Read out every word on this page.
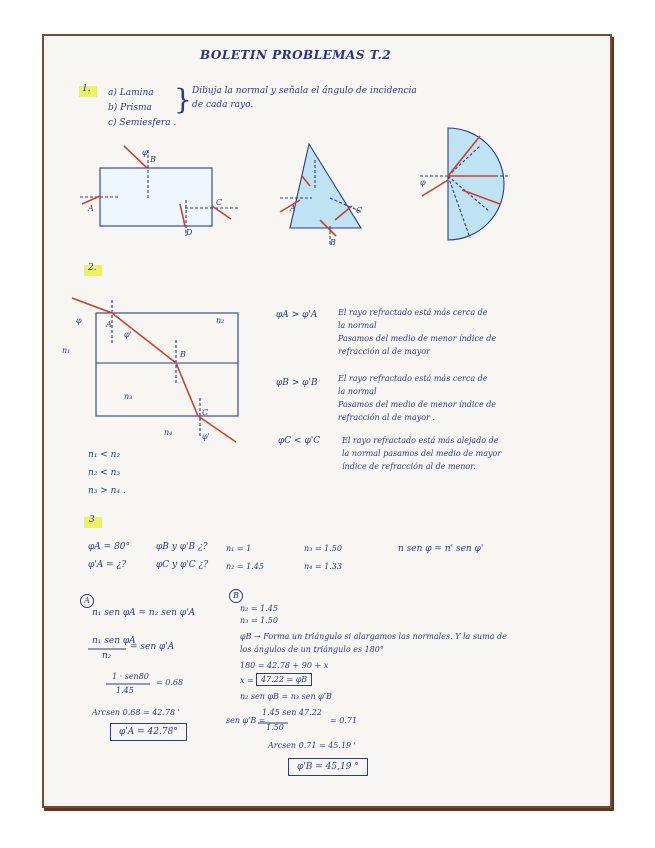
BOLETIN PROBLEMAS T.2
1. a) Lamina
b) Prisma
c) Semiesfera .
} Dibuja la normal y señala el ángulo de incidencia
de cada rayo.
B
A
C
D
φ
A	C
B
φ
2.
n₁
n₂
n₃
n₄
A
B
C
φ
φ'
φ'
n₁ < n₂
n₂ < n₃
n₃ > n₄ .
φA > φ'A	El rayo refractado está más cerca de
la normal
Pasamos del medio de menor índice de
refracción al de mayor
φB > φ'B	El rayo refractado está más cerca de
la normal
Pasamos del medio de menor índice de
refracción al de mayor .
φC < φ'C	El rayo refractado está más alejado de
la normal pasamos del medio de mayor
índice de refracción al de menor.
3
φA = 80°	φB y φ'B ¿? n₁ = 1	n₃ = 1.50
φ'A = ¿?	φC y φ'C ¿? n₂ = 1.45	n₄ = 1.33
n sen φ = n' sen φ'
A
n₁ sen φA = n₂ sen φ'A
n₁ sen φA
n₂
= sen φ'A
1 · sen80
1.45
= 0.68
Arcsen 0.68 = 42.78 '
φ'A = 42.78°
B
n₂ = 1.45
n₃ = 1.50
φB → Forma un triángulo si alargamos las normales. Y la suma de
los ángulos de un triángulo es 180°
180 = 42.78 + 90 + x
x = 47.22 = φB
n₂ sen φB = n₃ sen φ'B
sen φ'B =
1.45 sen 47.22
1.50
= 0.71
Arcsen 0.71 = 45.19 '
φ'B = 45,19 °
